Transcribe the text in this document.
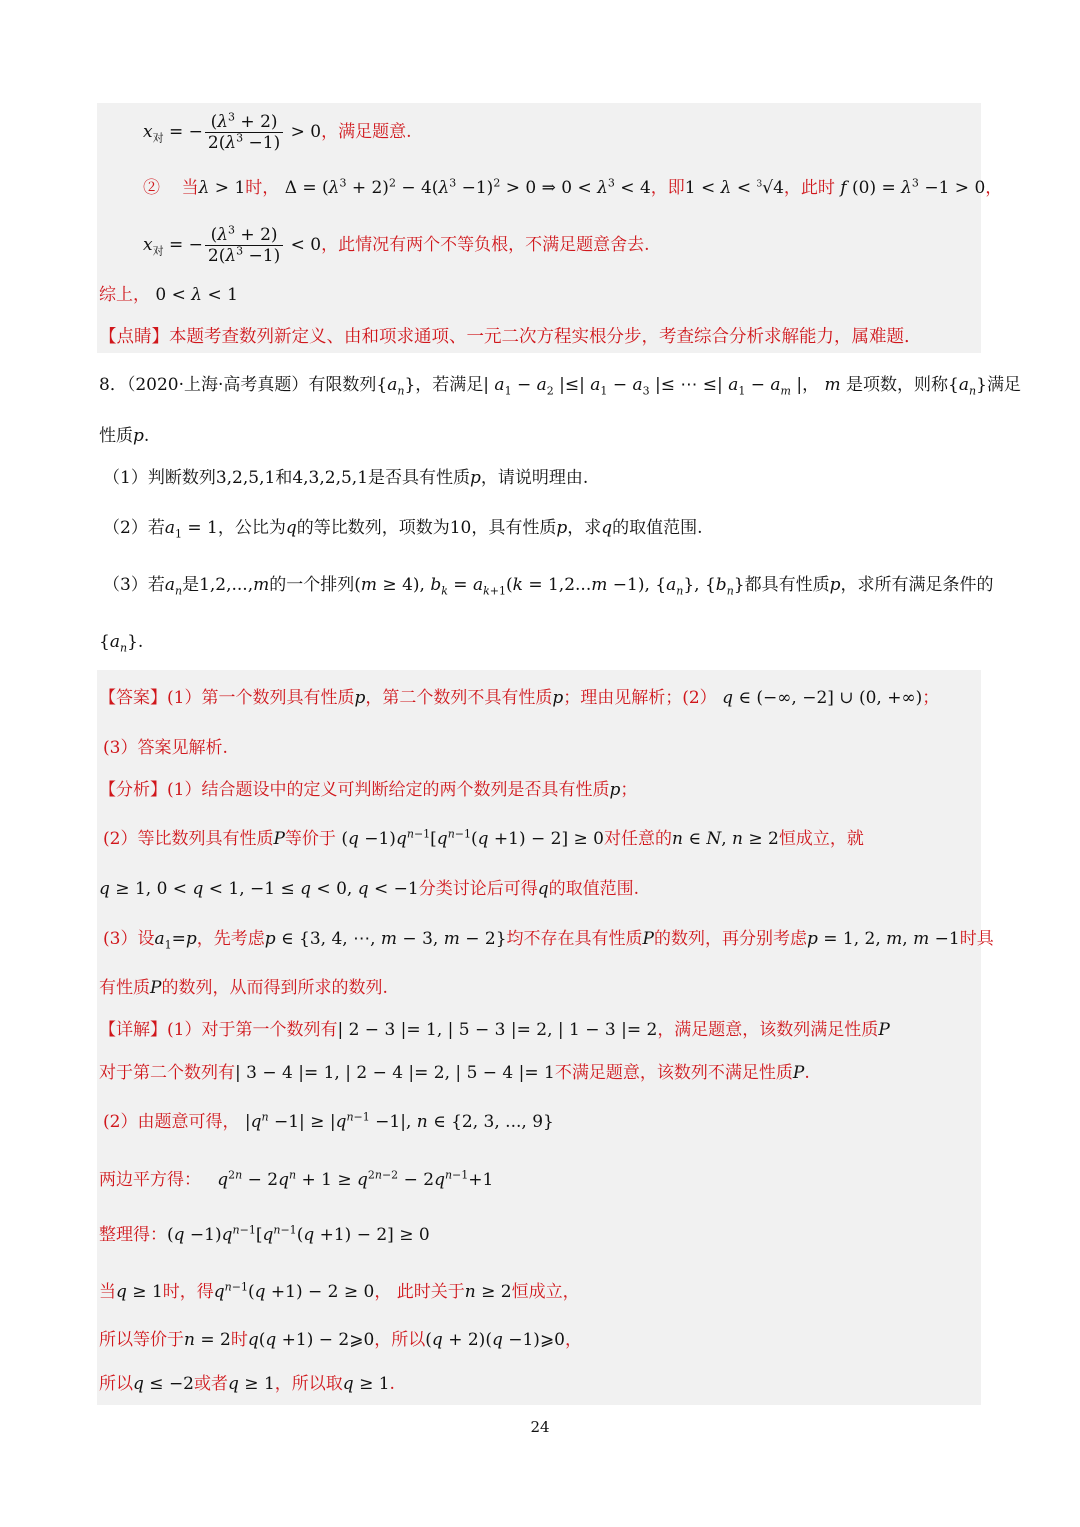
$x_对$ = − $\frac{(\lambda^3 + 2)}{2(\lambda^3 -1)} > 0$，满足题意.
② 当λ > 1时， $\Delta = (\lambda^3 + 2)^2 - 4(\lambda^3 -1)^2 > 0$ ⇒ $0 < \lambda^3 < 4$，即1 < λ < $^3$√4，此时 f $(0) = \lambda^3 -1 > 0$，
$x_对$ = − $\frac{(\lambda^3 + 2)}{2(\lambda^3 -1)} < 0$，此情况有两个不等负根，不满足题意舍去.
综上， 0 < λ < 1
【点睛】本题考查数列新定义、由和项求通项、一元二次方程实根分步，考查综合分析求解能力，属难题.
8．（2020·上海·高考真题）有限数列$\{a_n\}$，若满足| $a_1 - a_2$ |≤| $a_1 - a_3$ |≤ ⋯ ≤| $a_1 - a_m$ |， m 是项数，则称$\{a_n\}$满足
性质p.
（1）判断数列3,2,5,1和4,3,2,5,1是否具有性质p，请说明理由.
（2）若$a_1 = 1$，公比为q的等比数列，项数为10，具有性质p，求q的取值范围.
（3）若$a_n$是1,2,...,m的一个排列(m ≥ 4), $b_k = a_{k+1}(k = 1,2...m -1)$, $\{a_n\}$, $\{b_n\}$都具有性质p，求所有满足条件的
$\{a_n\}$.
【答案】(1）第一个数列具有性质p，第二个数列不具有性质p；理由见解析；(2） q ∈ (−∞, −2] ∪ (0, +∞)；
(3）答案见解析.
【分析】(1）结合题设中的定义可判断给定的两个数列是否具有性质p；
(2）等比数列具有性质P等价于 $(q -1)q^{n-1}[q^{n-1}(q +1) - 2] \ge 0$对任意的n ∈ N, n ≥ 2恒成立，就
q ≥ 1, 0 < q < 1, −1 ≤ q < 0, q < −1分类讨论后可得q的取值范围.
(3）设$a_1=p$，先考虑p ∈ {3, 4, ⋯, m − 3, m − 2}均不存在具有性质P的数列，再分别考虑p = 1, 2, m, m −1时具
有性质P的数列，从而得到所求的数列.
【详解】(1）对于第一个数列有| 2 − 3 |= 1, | 5 − 3 |= 2, | 1 − 3 |= 2，满足题意，该数列满足性质P
对于第二个数列有| 3 − 4 |= 1, | 2 − 4 |= 2, | 5 − 4 |= 1不满足题意，该数列不满足性质P.
(2）由题意可得， $|q^n -1| \ge |q^{n-1} -1|$, n ∈ {2, 3, ..., 9}
两边平方得： $q^{2n} - 2q^n + 1 \ge q^{2n-2} - 2q^{n-1}+1$
整理得：$(q -1)q^{n-1}[q^{n-1}(q +1) - 2] \ge 0$
当q ≥ 1时，得$q^{n-1}(q +1) - 2 \ge 0$， 此时关于n ≥ 2恒成立，
所以等价于n = 2时q(q +1) − 2⩾0，所以(q + 2)(q −1)⩾0，
所以q ≤ −2或者q ≥ 1，所以取q ≥ 1.
24
